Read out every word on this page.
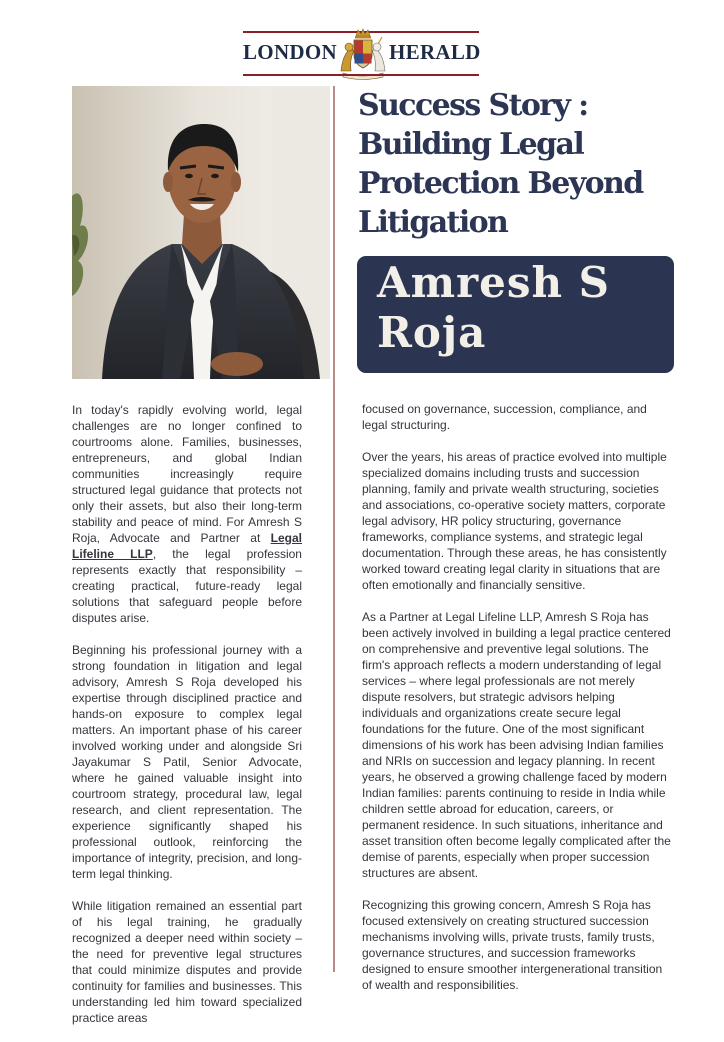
LONDON HERALD
Success Story :
Building Legal
Protection Beyond
Litigation
Amresh S
Roja

In today's rapidly evolving world, legal challenges are no longer confined to courtrooms alone. Families, businesses, entrepreneurs, and global Indian communities increasingly require structured legal guidance that protects not only their assets, but also their long-term stability and peace of mind. For Amresh S Roja, Advocate and Partner at Legal Lifeline LLP, the legal profession represents exactly that responsibility – creating practical, future-ready legal solutions that safeguard people before disputes arise.

Beginning his professional journey with a strong foundation in litigation and legal advisory, Amresh S Roja developed his expertise through disciplined practice and hands-on exposure to complex legal matters. An important phase of his career involved working under and alongside Sri Jayakumar S Patil, Senior Advocate, where he gained valuable insight into courtroom strategy, procedural law, legal research, and client representation. The experience significantly shaped his professional outlook, reinforcing the importance of integrity, precision, and long-term legal thinking.

While litigation remained an essential part of his legal training, he gradually recognized a deeper need within society – the need for preventive legal structures that could minimize disputes and provide continuity for families and businesses. This understanding led him toward specialized practice areas

focused on governance, succession, compliance, and legal structuring.

Over the years, his areas of practice evolved into multiple specialized domains including trusts and succession planning, family and private wealth structuring, societies and associations, co-operative society matters, corporate legal advisory, HR policy structuring, governance frameworks, compliance systems, and strategic legal documentation. Through these areas, he has consistently worked toward creating legal clarity in situations that are often emotionally and financially sensitive.

As a Partner at Legal Lifeline LLP, Amresh S Roja has been actively involved in building a legal practice centered on comprehensive and preventive legal solutions. The firm's approach reflects a modern understanding of legal services – where legal professionals are not merely dispute resolvers, but strategic advisors helping individuals and organizations create secure legal foundations for the future. One of the most significant dimensions of his work has been advising Indian families and NRIs on succession and legacy planning. In recent years, he observed a growing challenge faced by modern Indian families: parents continuing to reside in India while children settle abroad for education, careers, or permanent residence. In such situations, inheritance and asset transition often become legally complicated after the demise of parents, especially when proper succession structures are absent.

Recognizing this growing concern, Amresh S Roja has focused extensively on creating structured succession mechanisms involving wills, private trusts, family trusts, governance structures, and succession frameworks designed to ensure smoother intergenerational transition of wealth and responsibilities.
